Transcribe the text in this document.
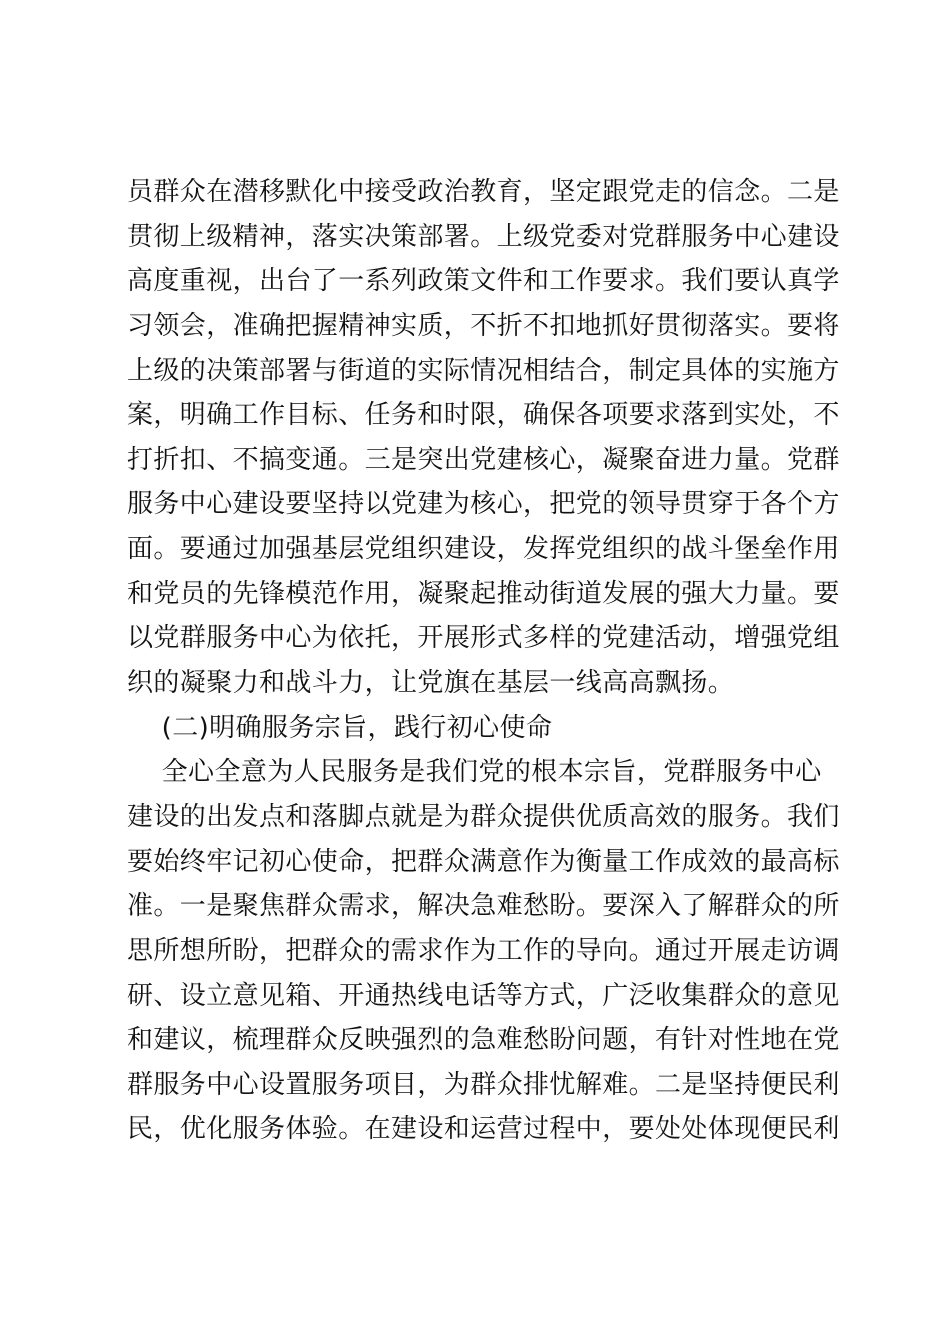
员群众在潜移默化中接受政治教育，坚定跟党走的信念。二是
贯彻上级精神，落实决策部署。上级党委对党群服务中心建设
高度重视，出台了一系列政策文件和工作要求。我们要认真学
习领会，准确把握精神实质，不折不扣地抓好贯彻落实。要将
上级的决策部署与街道的实际情况相结合，制定具体的实施方
案，明确工作目标、任务和时限，确保各项要求落到实处，不
打折扣、不搞变通。三是突出党建核心，凝聚奋进力量。党群
服务中心建设要坚持以党建为核心，把党的领导贯穿于各个方
面。要通过加强基层党组织建设，发挥党组织的战斗堡垒作用
和党员的先锋模范作用，凝聚起推动街道发展的强大力量。要
以党群服务中心为依托，开展形式多样的党建活动，增强党组
织的凝聚力和战斗力，让党旗在基层一线高高飘扬。
(二)明确服务宗旨，践行初心使命
全心全意为人民服务是我们党的根本宗旨，党群服务中心
建设的出发点和落脚点就是为群众提供优质高效的服务。我们
要始终牢记初心使命，把群众满意作为衡量工作成效的最高标
准。一是聚焦群众需求，解决急难愁盼。要深入了解群众的所
思所想所盼，把群众的需求作为工作的导向。通过开展走访调
研、设立意见箱、开通热线电话等方式，广泛收集群众的意见
和建议，梳理群众反映强烈的急难愁盼问题，有针对性地在党
群服务中心设置服务项目，为群众排忧解难。二是坚持便民利
民，优化服务体验。在建设和运营过程中，要处处体现便民利
